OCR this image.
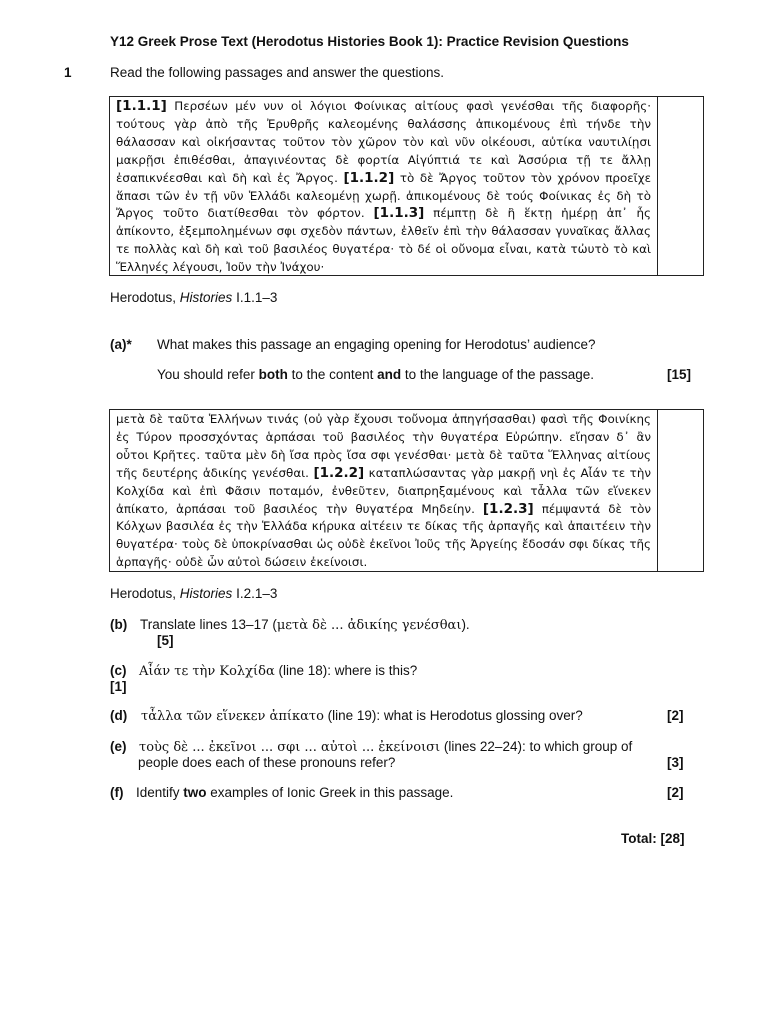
Y12 Greek Prose Text (Herodotus Histories Book 1): Practice Revision Questions
1	Read the following passages and answer the questions.
[1.1.1] Περσέων μέν νυν οἱ λόγιοι Φοίνικας αἰτίους φασὶ γενέσθαι τῆς διαφορῆς· τούτους γὰρ ἀπὸ τῆς Ἐρυθρῆς καλεομένης θαλάσσης ἀπικομένους ἐπὶ τήνδε τὴν θάλασσαν καὶ οἰκήσαντας τοῦτον τὸν χῶρον τὸν καὶ νῦν οἰκέουσι, αὐτίκα ναυτιλίῃσι μακρῇσι ἐπιθέσθαι, ἀπαγινέοντας δὲ φορτία Αἰγύπτιά τε καὶ Ἀσσύρια τῇ τε ἄλλῃ ἐσαπικνέεσθαι καὶ δὴ καὶ ἐς Ἄργος. [1.1.2] τὸ δὲ Ἄργος τοῦτον τὸν χρόνον προεῖχε ἅπασι τῶν ἐν τῇ νῦν Ἑλλάδι καλεομένῃ χωρῇ. ἀπικομένους δὲ τούς Φοίνικας ἐς δὴ τὸ Ἄργος τοῦτο διατίθεσθαι τὸν φόρτον. [1.1.3] πέμπτῃ δὲ ἢ ἕκτῃ ἡμέρῃ ἀπ᾽ ἧς ἀπίκοντο, ἐξεμπολημένων σφι σχεδὸν πάντων, ἐλθεῖν ἐπὶ τὴν θάλασσαν γυναῖκας ἄλλας τε πολλὰς καὶ δὴ καὶ τοῦ βασιλέος θυγατέρα· τὸ δέ οἱ οὔνομα εἶναι, κατὰ τὠυτὸ τὸ καὶ Ἕλληνές λέγουσι, Ἰοῦν τὴν Ἰνάχου·
Herodotus, Histories I.1.1–3
(a)* What makes this passage an engaging opening for Herodotus’ audience?
You should refer both to the content and to the language of the passage.	[15]
μετὰ δὲ ταῦτα Ἑλλήνων τινάς (οὐ γὰρ ἔχουσι τοὔνομα ἀπηγήσασθαι) φασὶ τῆς Φοινίκης ἐς Τύρον προσσχόντας ἁρπάσαι τοῦ βασιλέος τὴν θυγατέρα Εὐρώπην. εἴησαν δ᾽ ἂν οὗτοι Κρῆτες. ταῦτα μὲν δὴ ἴσα πρὸς ἴσα σφι γενέσθαι· μετὰ δὲ ταῦτα Ἕλληνας αἰτίους τῆς δευτέρης ἀδικίης γενέσθαι. [1.2.2] καταπλώσαντας γὰρ μακρῇ νηὶ ἐς Αἶάν τε τὴν Κολχίδα καὶ ἐπὶ Φᾶσιν ποταμόν, ἐνθεῦτεν, διαπρηξαμένους καὶ τἆλλα τῶν εἵνεκεν ἀπίκατο, ἁρπάσαι τοῦ βασιλέος τὴν θυγατέρα Μηδείην. [1.2.3] πέμψαντά δὲ τὸν Κόλχων βασιλέα ἐς τὴν Ἑλλάδα κήρυκα αἰτέειν τε δίκας τῆς ἁρπαγῆς καὶ ἀπαιτέειν τὴν θυγατέρα· τοὺς δὲ ὑποκρίνασθαι ὡς οὐδὲ ἐκεῖνοι Ἰοῦς τῆς Ἀργείης ἔδοσάν σφι δίκας τῆς ἁρπαγῆς· οὐδὲ ὦν αὐτοὶ δώσειν ἐκείνοισι.
Herodotus, Histories I.2.1–3
(b) Translate lines 13–17 (μετὰ δὲ ... ἀδικίης γενέσθαι).
[5]
(c) Αἶάν τε τὴν Κολχίδα (line 18): where is this?
[1]
(d) τἆλλα τῶν εἵνεκεν ἀπίκατο (line 19): what is Herodotus glossing over?	[2]
(e) τοὺς δὲ ... ἐκεῖνοι ... σφι ... αὐτοὶ ... ἐκείνοισι (lines 22–24): to which group of
people does each of these pronouns refer?	[3]
(f) Identify two examples of Ionic Greek in this passage.	[2]
Total: [28]
